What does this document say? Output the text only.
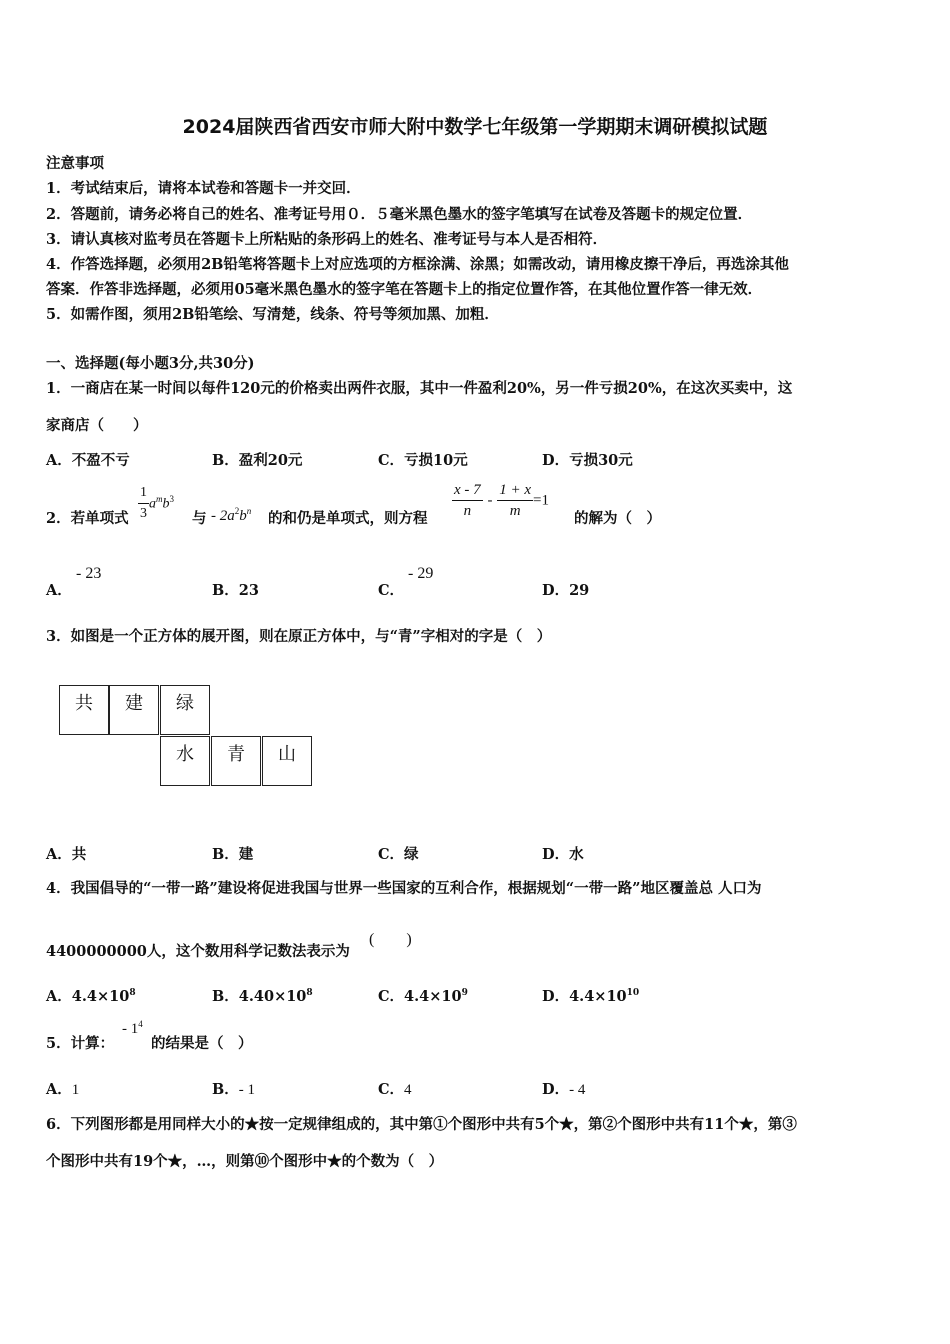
2024届陕西省西安市师大附中数学七年级第一学期期末调研模拟试题
注意事项
1．考试结束后，请将本试卷和答题卡一并交回．
2．答题前，请务必将自己的姓名、准考证号用０．５毫米黑色墨水的签字笔填写在试卷及答题卡的规定位置．
3．请认真核对监考员在答题卡上所粘贴的条形码上的姓名、准考证号与本人是否相符．
4．作答选择题，必须用2B铅笔将答题卡上对应选项的方框涂满、涂黑；如需改动，请用橡皮擦干净后，再选涂其他
答案．作答非选择题，必须用05毫米黑色墨水的签字笔在答题卡上的指定位置作答，在其他位置作答一律无效．
5．如需作图，须用2B铅笔绘、写清楚，线条、符号等须加黑、加粗．
一、选择题(每小题3分,共30分)
1．一商店在某一时间以每件120元的价格卖出两件衣服，其中一件盈利20%，另一件亏损20%，在这次买卖中，这
家商店（　　）
A．不盈不亏	B．盈利20元	C．亏损10元	D．亏损30元
2．若单项式 $\frac{1}{3} a^mb^3$
与 - $2a^2b^n$ 的和仍是单项式，则方程 $\frac{x - 7}{n} - \frac{1 + x}{m} =1$
的解为（　）
A．
- 23
B．23	C．
- 29
D．29
3．如图是一个正方体的展开图，则在原正方体中，与“青”字相对的字是（　）
共	建	绿
水	青	山
A．共	B．建	C．绿	D．水
4．我国倡导的“一带一路”建设将促进我国与世界一些国家的互利合作，根据规划“一带一路”地区覆盖总 人口为
4400000000人，这个数用科学记数法表示为
(　　)
A．$4.4\times 10^8$	B．$4.40\times 10^8$	C．$4.4\times 10^9$	D．$4.4\times 10^{10}$
5．计算：
- $1^4$
的结果是（　）
A．1	B．- 1	C．4	D．- 4
6．下列图形都是用同样大小的★按一定规律组成的，其中第①个图形中共有5个★，第②个图形中共有11个★，第③
个图形中共有19个★，…，则第⑩个图形中★的个数为（　）
